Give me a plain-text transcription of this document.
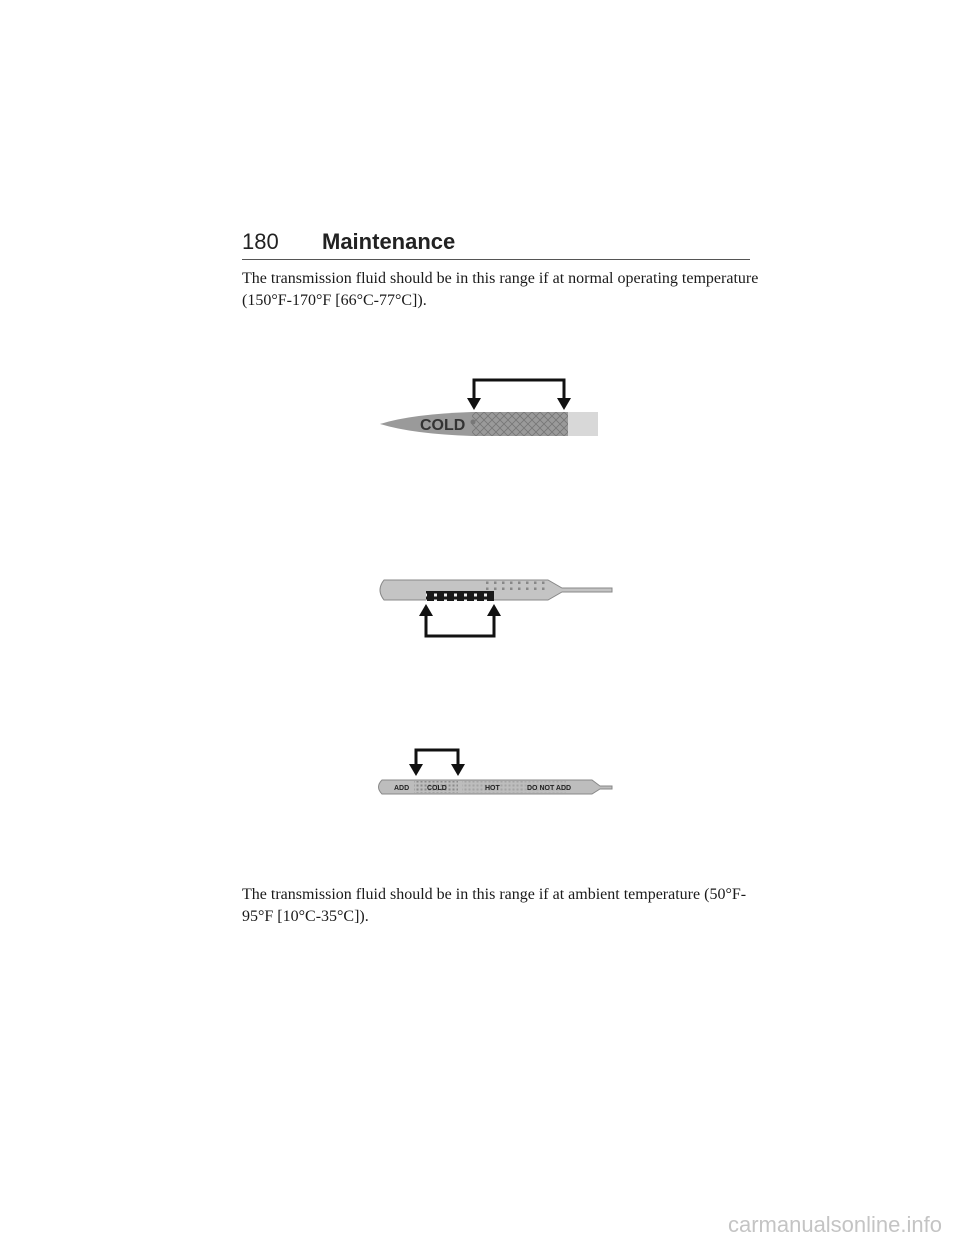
180 Maintenance

The transmission fluid should be in this range if at normal operating temperature (150°F-170°F [66°C-77°C]).

COLD
ADD	COLD	HOT	DO NOT ADD

The transmission fluid should be in this range if at ambient temperature (50°F-95°F [10°C-35°C]).

carmanualsonline.info
